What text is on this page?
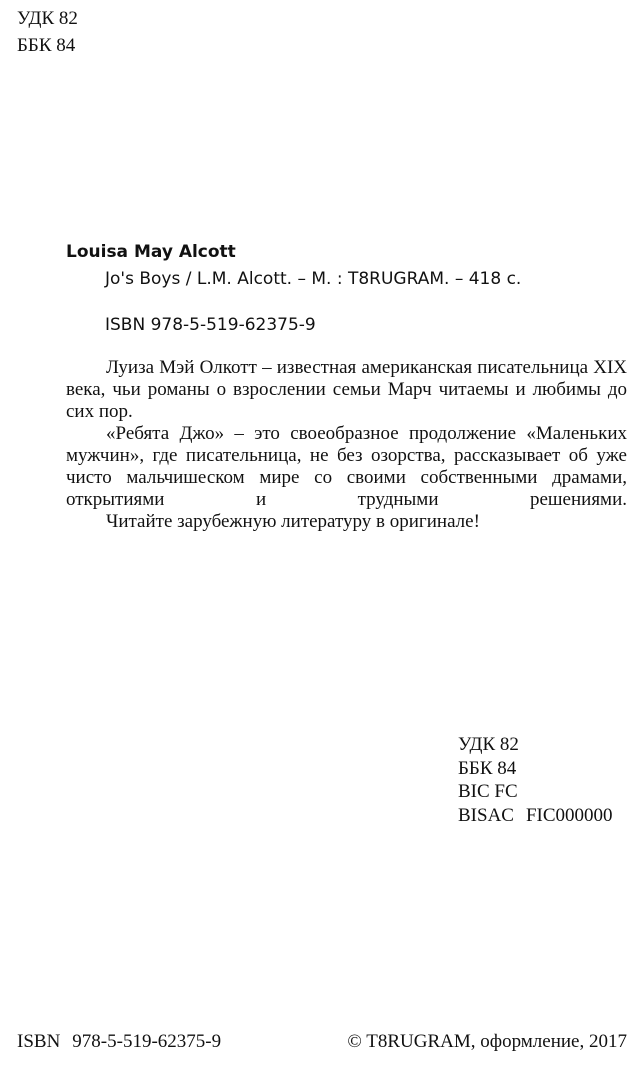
УДК 82
ББК 84
Louisa May Alcott
Jo's Boys / L.M. Alcott. – M. : T8RUGRAM. – 418 c.
ISBN 978-5-519-62375-9

Луиза Мэй Олкотт – известная американская писательница XIX века, чьи романы о взрослении семьи Марч читаемы и любимы до сих пор.

«Ребята Джо» – это своеобразное продолжение «Маленьких мужчин», где писательница, не без озорства, рассказывает об уже чисто мальчишеском мире со своими собственными драмами, открытиями и трудными решениями.

Читайте зарубежную литературу в оригинале!

УДК 82
ББК 84
BIC FC
BISAC FIC000000
ISBN 978-5-519-62375-9	© T8RUGRAM, оформление, 2017
